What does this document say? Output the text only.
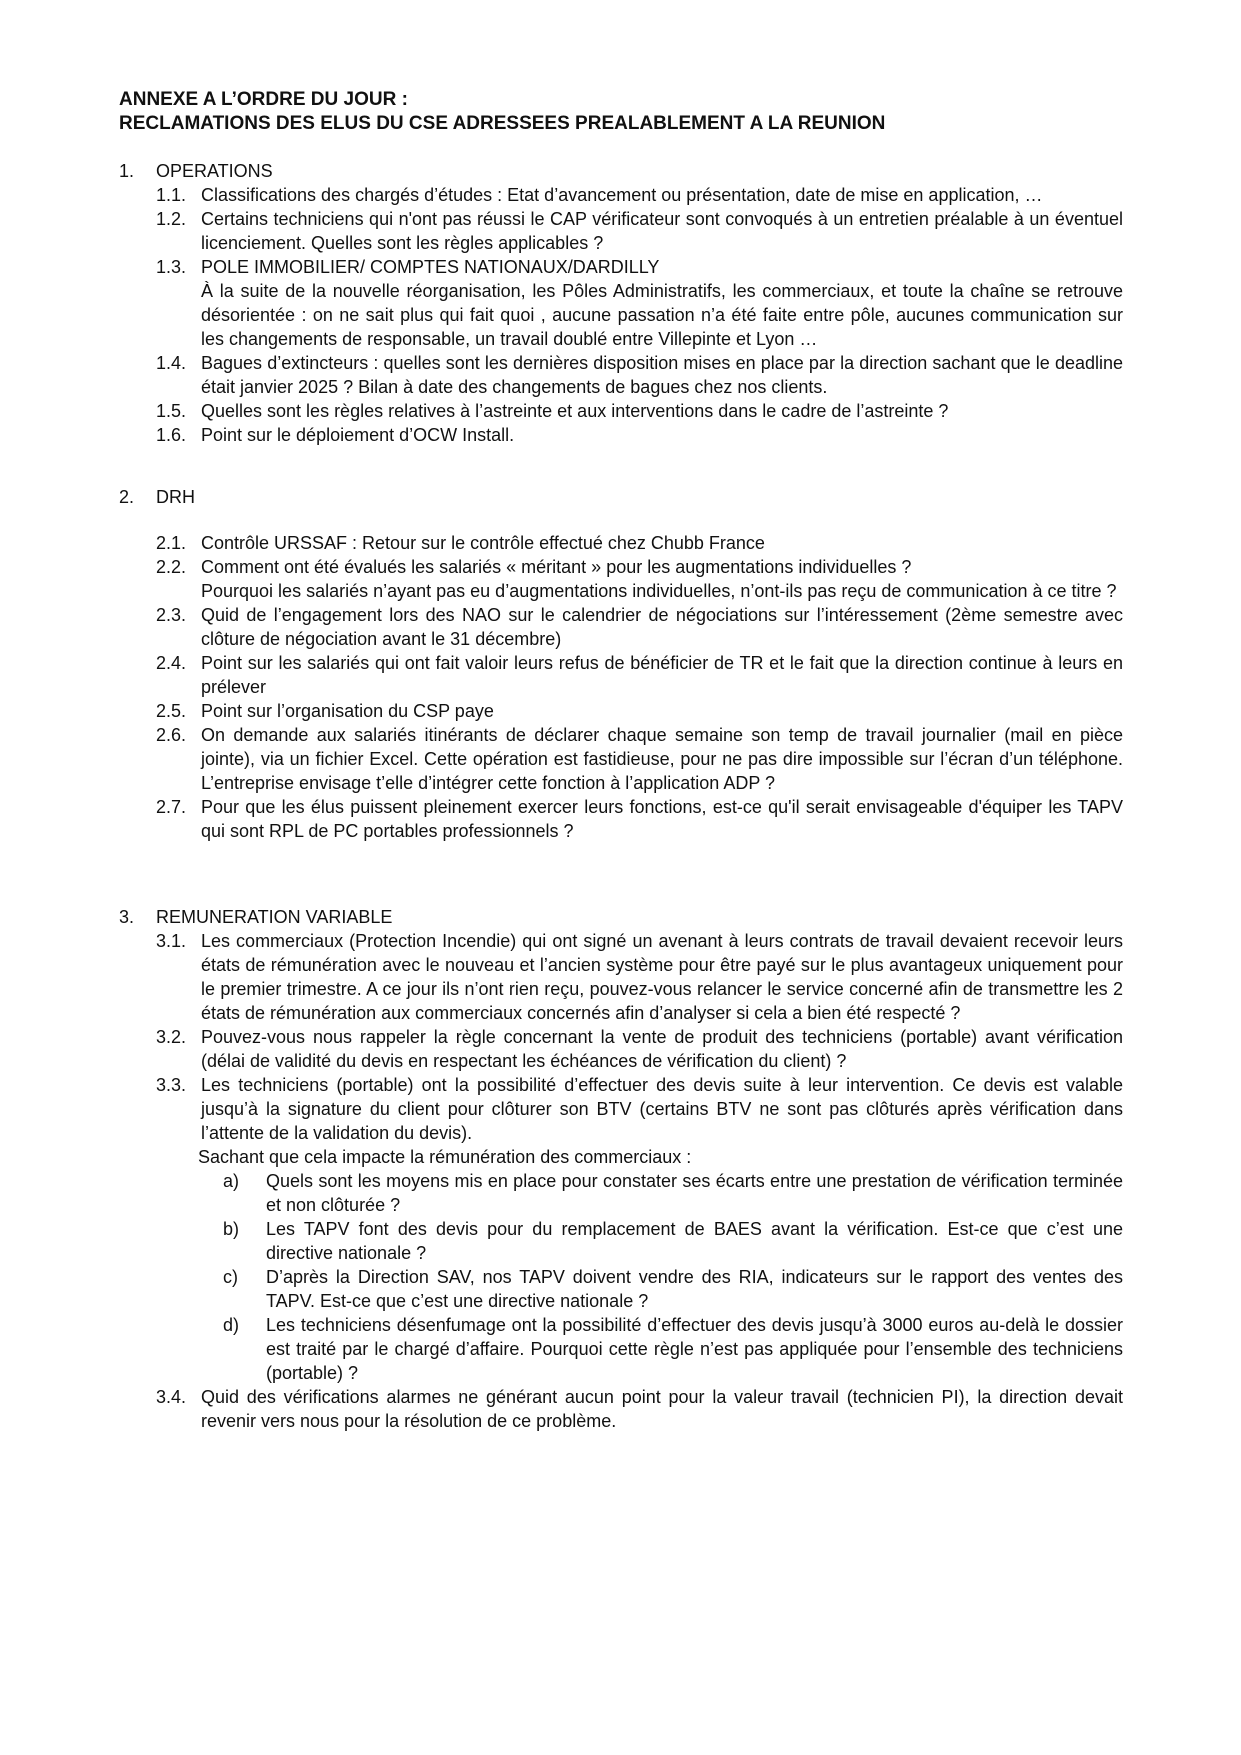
ANNEXE A L’ORDRE DU JOUR :
RECLAMATIONS DES ELUS DU CSE ADRESSEES PREALABLEMENT A LA REUNION
1.	OPERATIONS
1.1. Classifications des chargés d’études : Etat d’avancement ou présentation, date de mise en application, …
1.2. Certains techniciens qui n'ont pas réussi le CAP vérificateur sont convoqués à un entretien préalable à un éventuel licenciement. Quelles sont les règles applicables ?
1.3. POLE IMMOBILIER/ COMPTES NATIONAUX/DARDILLY
À la suite de la nouvelle réorganisation, les Pôles Administratifs, les commerciaux, et toute la chaîne se retrouve désorientée : on ne sait plus qui fait quoi , aucune passation n’a été faite entre pôle, aucunes communication sur les changements de responsable, un travail doublé entre Villepinte et Lyon …
1.4. Bagues d’extincteurs : quelles sont les dernières disposition mises en place par la direction sachant que le deadline était janvier 2025 ? Bilan à date des changements de bagues chez nos clients.
1.5. Quelles sont les règles relatives à l’astreinte et aux interventions dans le cadre de l’astreinte ?
1.6. Point sur le déploiement d’OCW Install.
2.	DRH
2.1. Contrôle URSSAF : Retour sur le contrôle effectué chez Chubb France
2.2. Comment ont été évalués les salariés « méritant » pour les augmentations individuelles ?
Pourquoi les salariés n’ayant pas eu d’augmentations individuelles, n’ont-ils pas reçu de communication à ce titre ?
2.3. Quid de l’engagement lors des NAO sur le calendrier de négociations sur l’intéressement (2ème semestre avec clôture de négociation avant le 31 décembre)
2.4. Point sur les salariés qui ont fait valoir leurs refus de bénéficier de TR et le fait que la direction continue à leurs en prélever
2.5. Point sur l’organisation du CSP paye
2.6. On demande aux salariés itinérants de déclarer chaque semaine son temp de travail journalier (mail en pièce jointe), via un fichier Excel. Cette opération est fastidieuse, pour ne pas dire impossible sur l’écran d’un téléphone. L’entreprise envisage t’elle d’intégrer cette fonction à l’application ADP ?
2.7. Pour que les élus puissent pleinement exercer leurs fonctions, est-ce qu'il serait envisageable d'équiper les TAPV qui sont RPL de PC portables professionnels ?
3.	REMUNERATION VARIABLE
3.1. Les commerciaux (Protection Incendie) qui ont signé un avenant à leurs contrats de travail devaient recevoir leurs états de rémunération avec le nouveau et l’ancien système pour être payé sur le plus avantageux uniquement pour le premier trimestre. A ce jour ils n’ont rien reçu, pouvez-vous relancer le service concerné afin de transmettre les 2 états de rémunération aux commerciaux concernés afin d’analyser si cela a bien été respecté ?
3.2. Pouvez-vous nous rappeler la règle concernant la vente de produit des techniciens (portable) avant vérification (délai de validité du devis en respectant les échéances de vérification du client) ?
3.3. Les techniciens (portable) ont la possibilité d’effectuer des devis suite à leur intervention. Ce devis est valable jusqu’à la signature du client pour clôturer son BTV (certains BTV ne sont pas clôturés après vérification dans l’attente de la validation du devis).
Sachant que cela impacte la rémunération des commerciaux :
a)	Quels sont les moyens mis en place pour constater ses écarts entre une prestation de vérification terminée et non clôturée ?
b)	Les TAPV font des devis pour du remplacement de BAES avant la vérification. Est-ce que c’est une directive nationale ?
c)	D’après la Direction SAV, nos TAPV doivent vendre des RIA, indicateurs sur le rapport des ventes des TAPV. Est-ce que c’est une directive nationale ?
d)	Les techniciens désenfumage ont la possibilité d’effectuer des devis jusqu’à 3000 euros au-delà le dossier est traité par le chargé d’affaire. Pourquoi cette règle n’est pas appliquée pour l’ensemble des techniciens (portable) ?
3.4. Quid des vérifications alarmes ne générant aucun point pour la valeur travail (technicien PI), la direction devait revenir vers nous pour la résolution de ce problème.
